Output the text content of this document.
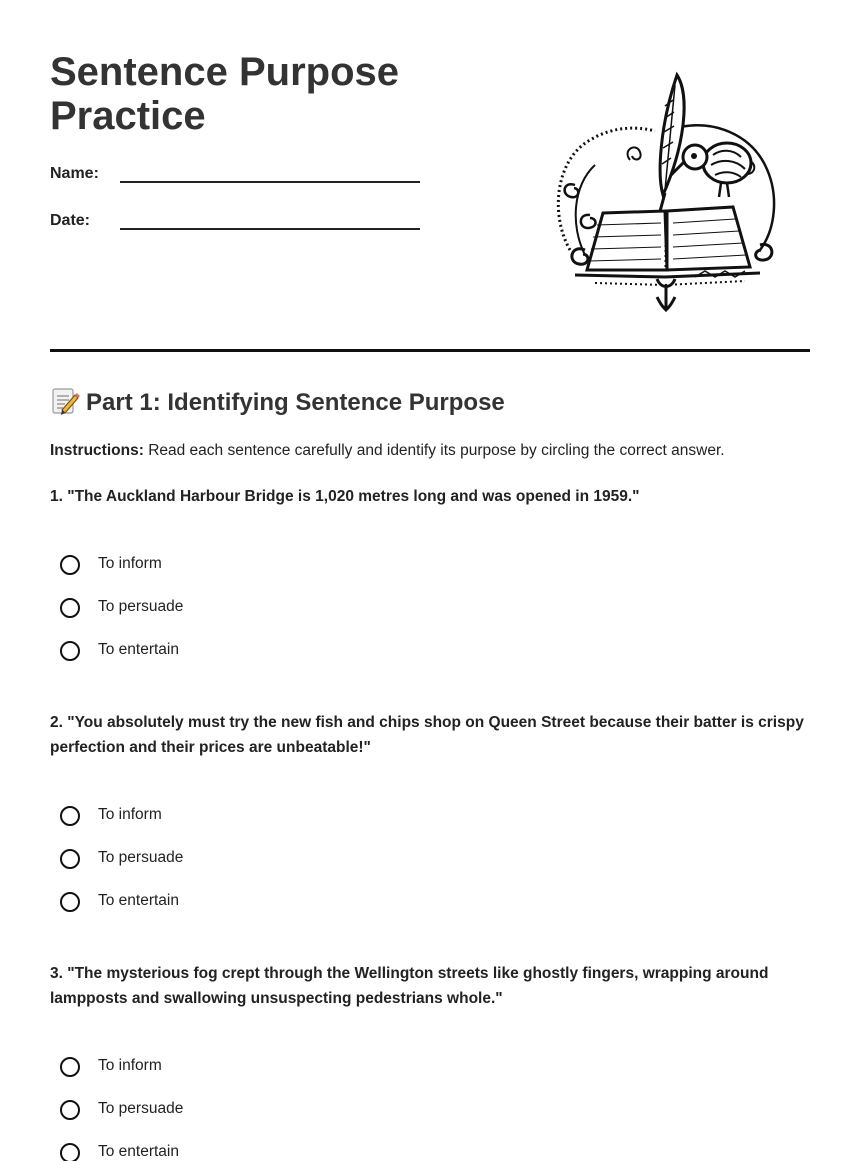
Sentence Purpose Practice
Name:
Date:
Part 1: Identifying Sentence Purpose
Instructions: Read each sentence carefully and identify its purpose by circling the correct answer.

1. "The Auckland Harbour Bridge is 1,020 metres long and was opened in 1959."

To inform
To persuade
To entertain

2. "You absolutely must try the new fish and chips shop on Queen Street because their batter is crispy perfection and their prices are unbeatable!"

To inform
To persuade
To entertain

3. "The mysterious fog crept through the Wellington streets like ghostly fingers, wrapping around lampposts and swallowing unsuspecting pedestrians whole."

To inform
To persuade
To entertain
